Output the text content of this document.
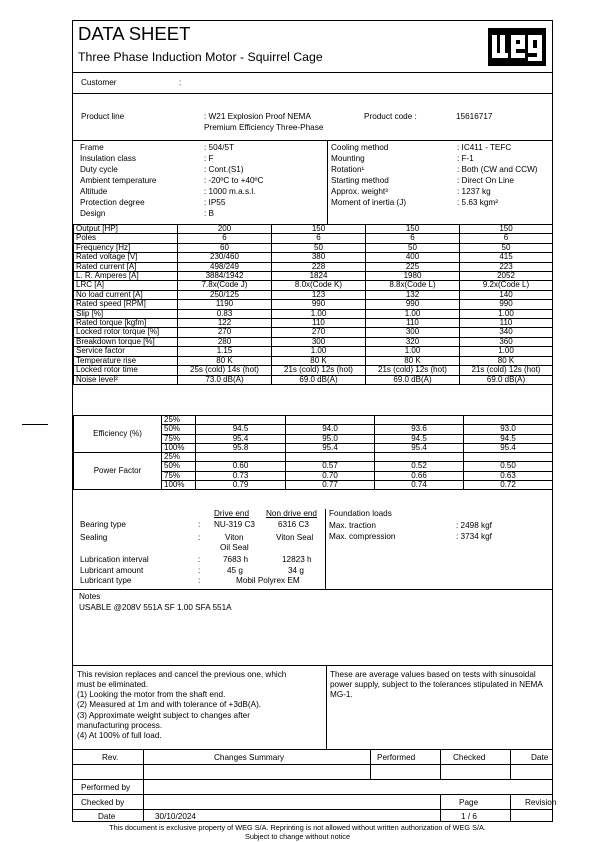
DATA SHEET
Three Phase Induction Motor - Squirrel Cage
Customer	:
Product line	: W21 Explosion Proof NEMA
Premium Efficiency Three-Phase
Product code :	15616717
Frame	: 504/5T
Insulation class	: F
Duty cycle	: Cont.(S1)
Ambient temperature	: -20ºC to +40ºC
Altitude	: 1000 m.a.s.l.
Protection degree	: IP55
Design	: B
Cooling method	: IC411 - TEFC
Mounting	: F-1
Rotation¹	: Both (CW and CCW)
Starting method	: Direct On Line
Approx. weight³	: 1237 kg
Moment of inertia (J)	: 5.63 kgm²
Output [HP]	200	150	150	150
Poles	6	6	6	6
Frequency [Hz]	60	50	50	50
Rated voltage [V]	230/460	380	400	415
Rated current [A]	498/249	228	225	223
L. R. Amperes [A]	3884/1942	1824	1980	2052
LRC [A]	7.8x(Code J)	8.0x(Code K)	8.8x(Code L)	9.2x(Code L)
No load current [A]	250/125	123	132	140
Rated speed [RPM]	1190	990	990	990
Slip [%]	0.83	1.00	1.00	1.00
Rated torque [kgfm]	122	110	110	110
Locked rotor torque [%]	270	270	300	340
Breakdown torque [%]	280	300	320	360
Service factor	1.15	1.00	1.00	1.00
Temperature rise	80 K	80 K	80 K	80 K
Locked rotor time	25s (cold) 14s (hot)	21s (cold) 12s (hot)	21s (cold) 12s (hot)	21s (cold) 12s (hot)
Noise level²	73.0 dB(A)	69.0 dB(A)	69.0 dB(A)	69.0 dB(A)
Efficiency (%)	25%				
	50%	94.5	94.0	93.6	93.0
	75%	95.4	95.0	94.5	94.5
	100%	95.8	95.4	95.4	95.4
Power Factor	25%				
	50%	0.60	0.57	0.52	0.50
	75%	0.73	0.70	0.66	0.63
	100%	0.79	0.77	0.74	0.72
Drive end Non drive end
Bearing type	: NU-319 C3	6316 C3
Sealing	:	Viton	Viton Seal
Oil Seal
Lubrication interval	:	7683 h	12823 h
Lubricant amount	:	45 g	34 g
Lubricant type	:	Mobil Polyrex EM
Foundation loads
Max. traction	: 2498 kgf
Max. compression	: 3734 kgf
Notes
USABLE @208V 551A SF 1.00 SFA 551A
This revision replaces and cancel the previous one, which
must be eliminated.
(1) Looking the motor from the shaft end.
(2) Measured at 1m and with tolerance of +3dB(A).
(3) Approximate weight subject to changes after
manufacturing process.
(4) At 100% of full load.
These are average values based on tests with sinusoidal
power supply, subject to the tolerances stipulated in NEMA
MG-1.
Rev.	Changes Summary	Performed	Checked	Date
Performed by
Checked by	Page	Revision
Date	30/10/2024	1 / 6
This document is exclusive property of WEG S/A. Reprinting is not allowed without written authorization of WEG S/A.
Subject to change without notice
